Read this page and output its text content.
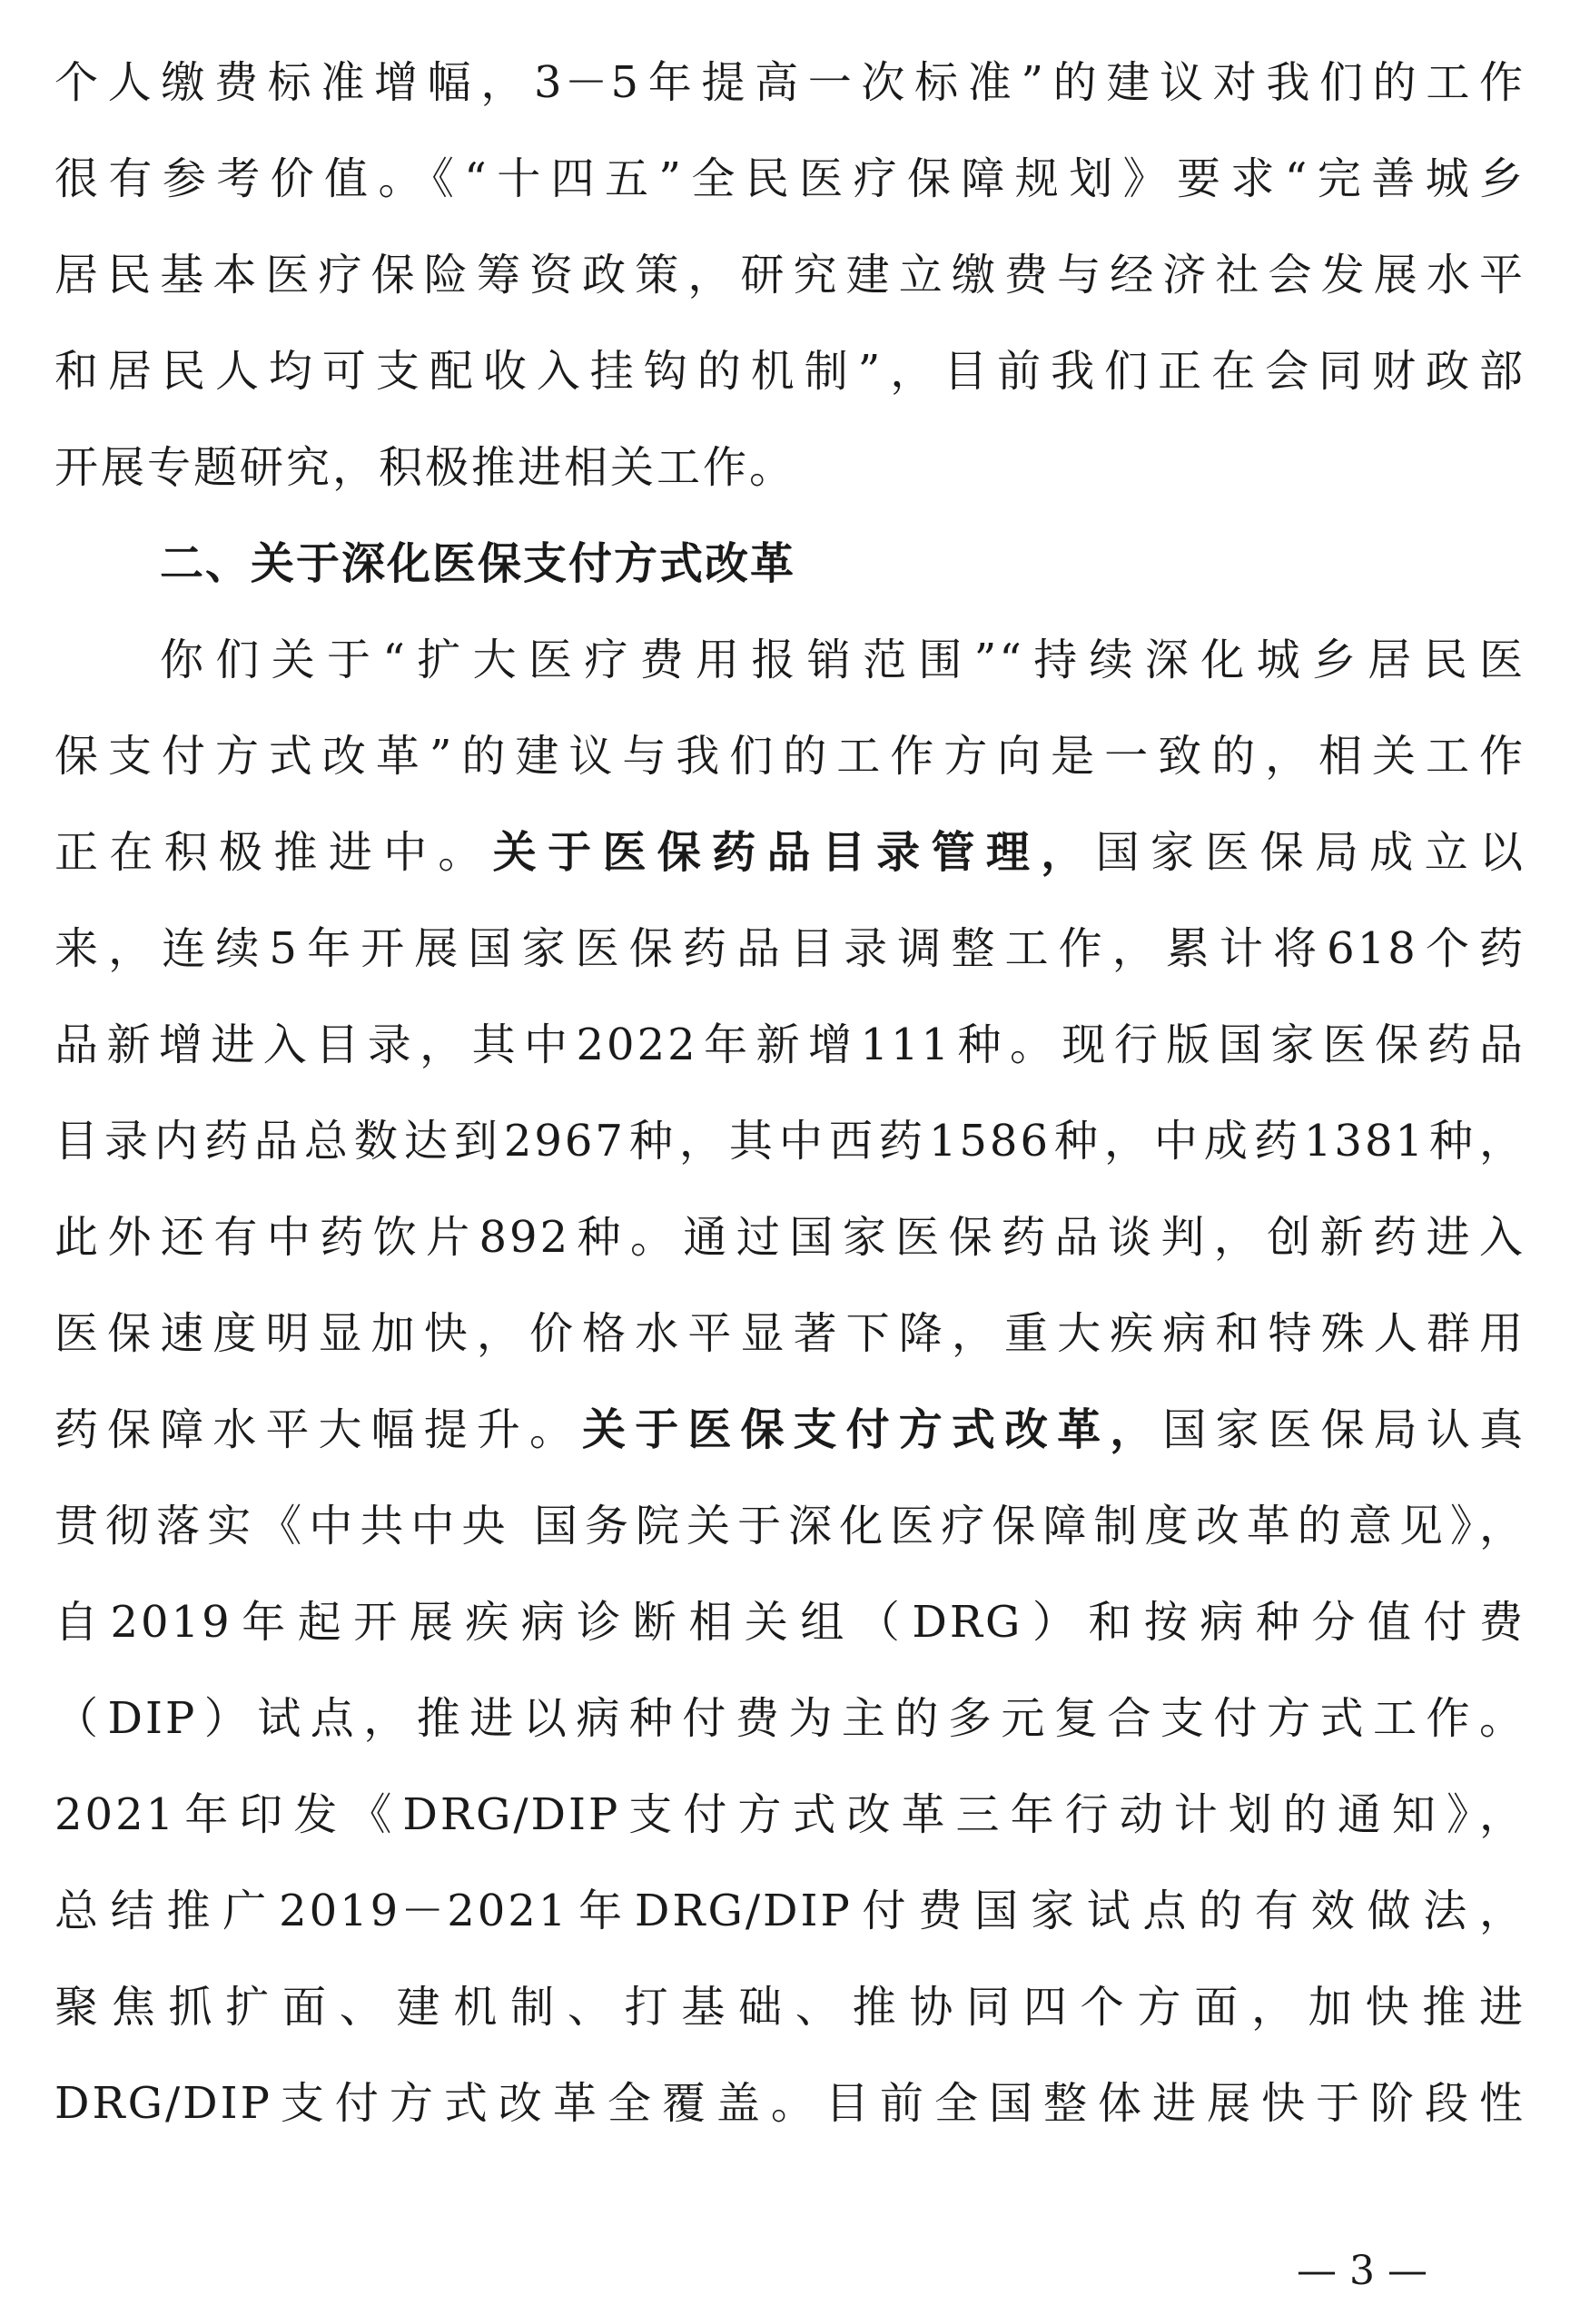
个人缴费标准增幅，3－5年提高一次标准”的建议对我们的工作
很有参考价值。《“十四五”全民医疗保障规划》要求“完善城乡
居民基本医疗保险筹资政策，研究建立缴费与经济社会发展水平
和居民人均可支配收入挂钩的机制”，目前我们正在会同财政部
开展专题研究，积极推进相关工作。
二、关于深化医保支付方式改革
你们关于“扩大医疗费用报销范围”“持续深化城乡居民医
保支付方式改革”的建议与我们的工作方向是一致的，相关工作
正在积极推进中。关于医保药品目录管理，国家医保局成立以
来，连续5年开展国家医保药品目录调整工作，累计将618个药
品新增进入目录，其中2022年新增111种。现行版国家医保药品
目录内药品总数达到2967种，其中西药1586种，中成药1381种，
此外还有中药饮片892种。通过国家医保药品谈判，创新药进入
医保速度明显加快，价格水平显著下降，重大疾病和特殊人群用
药保障水平大幅提升。关于医保支付方式改革，国家医保局认真
贯彻落实《中共中央 国务院关于深化医疗保障制度改革的意见》，
自2019年起开展疾病诊断相关组（DRG）和按病种分值付费
（DIP）试点，推进以病种付费为主的多元复合支付方式工作。
2021年印发《DRG/DIP支付方式改革三年行动计划的通知》，
总结推广2019－2021年DRG/DIP付费国家试点的有效做法，
聚焦抓扩面、建机制、打基础、推协同四个方面，加快推进
DRG/DIP支付方式改革全覆盖。目前全国整体进展快于阶段性
— 3 —
